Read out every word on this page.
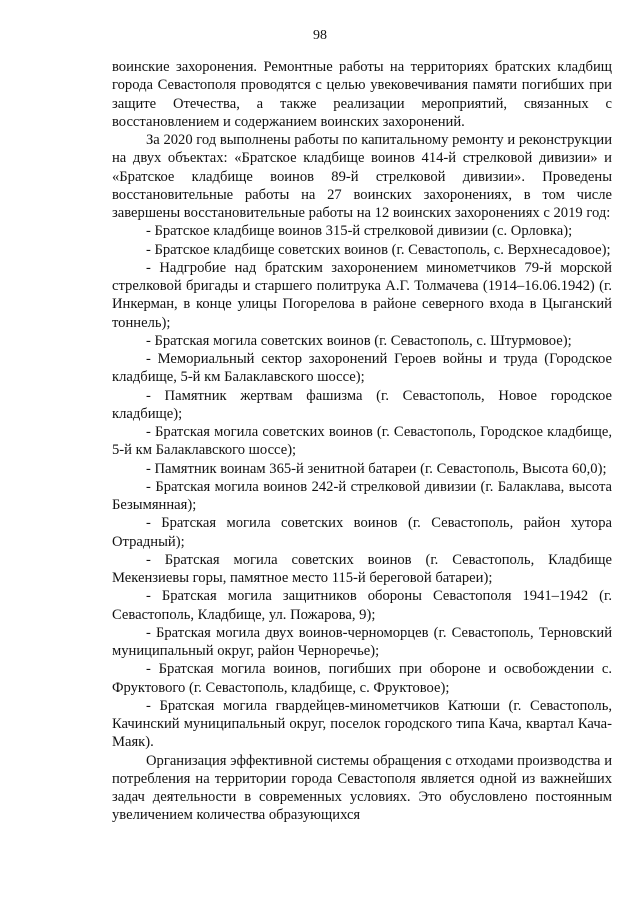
98

воинские захоронения. Ремонтные работы на территориях братских кладбищ города Севастополя проводятся с целью увековечивания памяти погибших при защите Отечества, а также реализации мероприятий, связанных с восстановлением и содержанием воинских захоронений.

За 2020 год выполнены работы по капитальному ремонту и реконструкции на двух объектах: «Братское кладбище воинов 414-й стрелковой дивизии» и «Братское кладбище воинов 89-й стрелковой дивизии». Проведены восстановительные работы на 27 воинских захоронениях, в том числе завершены восстановительные работы на 12 воинских захоронениях с 2019 год:

- Братское кладбище воинов 315-й стрелковой дивизии (с. Орловка);

- Братское кладбище советских воинов (г. Севастополь, с. Верхнесадовое);

- Надгробие над братским захоронением минометчиков 79-й морской стрелковой бригады и старшего политрука А.Г. Толмачева (1914–16.06.1942) (г. Инкерман, в конце улицы Погорелова в районе северного входа в Цыганский тоннель);

- Братская могила советских воинов (г. Севастополь, с. Штурмовое);

- Мемориальный сектор захоронений Героев войны и труда (Городское кладбище, 5-й км Балаклавского шоссе);

- Памятник жертвам фашизма (г. Севастополь, Новое городское кладбище);

- Братская могила советских воинов (г. Севастополь, Городское кладбище, 5-й км Балаклавского шоссе);

- Памятник воинам 365-й зенитной батареи (г. Севастополь, Высота 60,0);

- Братская могила воинов 242-й стрелковой дивизии (г. Балаклава, высота Безымянная);

- Братская могила советских воинов (г. Севастополь, район хутора Отрадный);

- Братская могила советских воинов (г. Севастополь, Кладбище Мекензиевы горы, памятное место 115-й береговой батареи);

- Братская могила защитников обороны Севастополя 1941–1942 (г. Севастополь, Кладбище, ул. Пожарова, 9);

- Братская могила двух воинов-черноморцев (г. Севастополь, Терновский муниципальный округ, район Черноречье);

- Братская могила воинов, погибших при обороне и освобождении с. Фруктового (г. Севастополь, кладбище, с. Фруктовое);

- Братская могила гвардейцев-минометчиков Катюши (г. Севастополь, Качинский муниципальный округ, поселок городского типа Кача, квартал Кача-Маяк).

Организация эффективной системы обращения с отходами производства и потребления на территории города Севастополя является одной из важнейших задач деятельности в современных условиях. Это обусловлено постоянным увеличением количества образующихся
